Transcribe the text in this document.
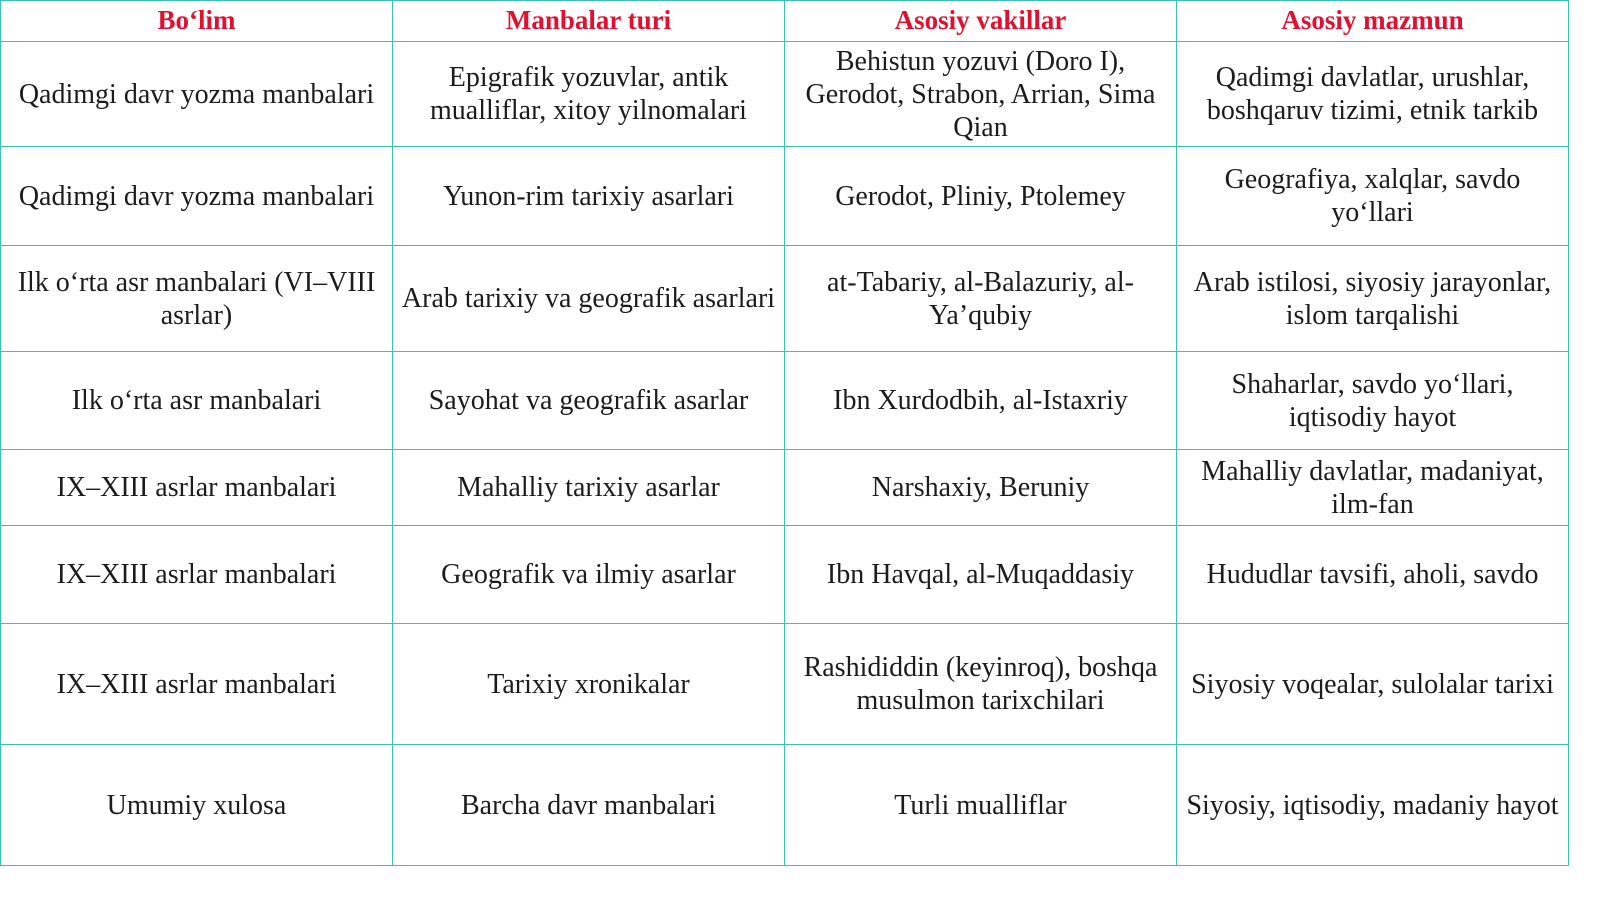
Bo‘lim	Manbalar turi	Asosiy vakillar	Asosiy mazmun
Qadimgi davr yozma manbalari	Epigrafik yozuvlar, antik mualliflar, xitoy yilnomalari	Behistun yozuvi (Doro I), Gerodot, Strabon, Arrian, Sima Qian	Qadimgi davlatlar, urushlar, boshqaruv tizimi, etnik tarkib
Qadimgi davr yozma manbalari	Yunon-rim tarixiy asarlari	Gerodot, Pliniy, Ptolemey	Geografiya, xalqlar, savdo yo‘llari
Ilk o‘rta asr manbalari (VI–VIII asrlar)	Arab tarixiy va geografik asarlari	at-Tabariy, al-Balazuriy, al-Ya’qubiy	Arab istilosi, siyosiy jarayonlar, islom tarqalishi
Ilk o‘rta asr manbalari	Sayohat va geografik asarlar	Ibn Xurdodbih, al-Istaxriy	Shaharlar, savdo yo‘llari, iqtisodiy hayot
IX–XIII asrlar manbalari	Mahalliy tarixiy asarlar	Narshaxiy, Beruniy	Mahalliy davlatlar, madaniyat, ilm-fan
IX–XIII asrlar manbalari	Geografik va ilmiy asarlar	Ibn Havqal, al-Muqaddasiy	Hududlar tavsifi, aholi, savdo
IX–XIII asrlar manbalari	Tarixiy xronikalar	Rashididdin (keyinroq), boshqa musulmon tarixchilari	Siyosiy voqealar, sulolalar tarixi
Umumiy xulosa	Barcha davr manbalari	Turli mualliflar	Siyosiy, iqtisodiy, madaniy hayot
